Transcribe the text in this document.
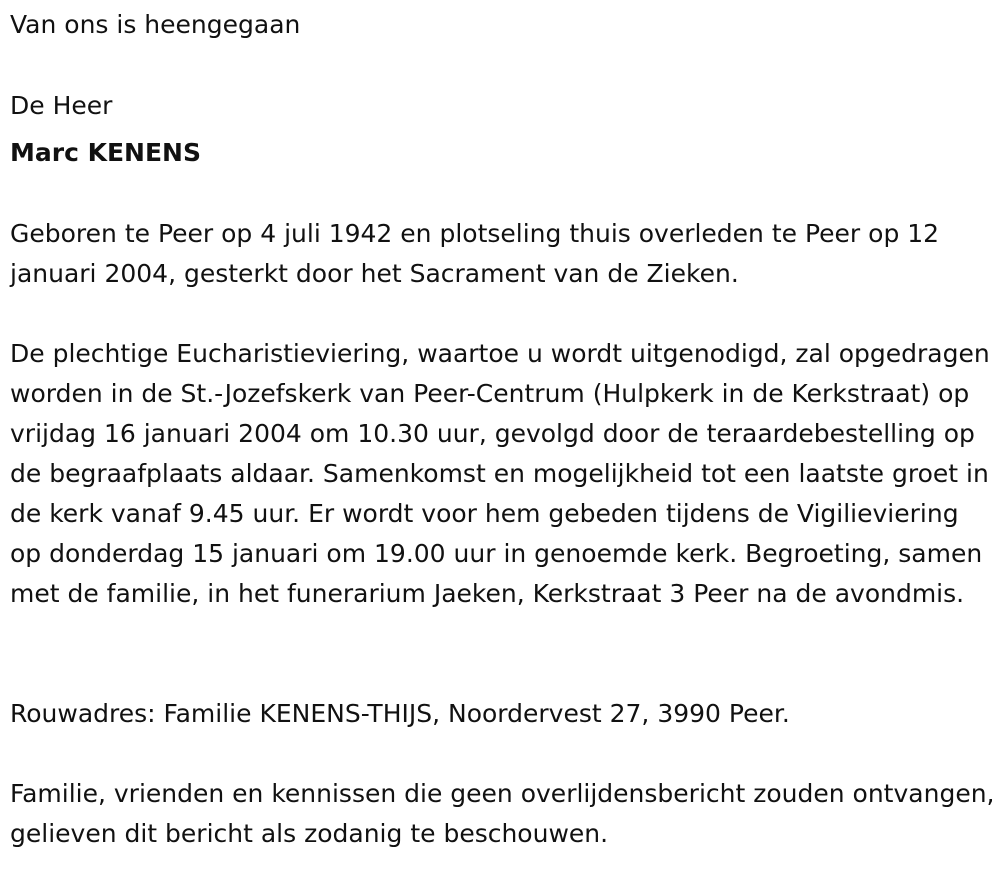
Van ons is heengegaan

De Heer

Marc KENENS

Geboren te Peer op 4 juli 1942 en plotseling thuis overleden te Peer op 12 januari 2004, gesterkt door het Sacrament van de Zieken.

De plechtige Eucharistieviering, waartoe u wordt uitgenodigd, zal opgedragen worden in de St.-Jozefskerk van Peer-Centrum (Hulpkerk in de Kerkstraat) op vrijdag 16 januari 2004 om 10.30 uur, gevolgd door de teraardebestelling op de begraafplaats aldaar. Samenkomst en mogelijkheid tot een laatste groet in de kerk vanaf 9.45 uur. Er wordt voor hem gebeden tijdens de Vigilieviering op donderdag 15 januari om 19.00 uur in genoemde kerk. Begroeting, samen met de familie, in het funerarium Jaeken, Kerkstraat 3 Peer na de avondmis.

Rouwadres: Familie KENENS-THIJS, Noordervest 27, 3990 Peer.

Familie, vrienden en kennissen die geen overlijdensbericht zouden ontvangen, gelieven dit bericht als zodanig te beschouwen.
